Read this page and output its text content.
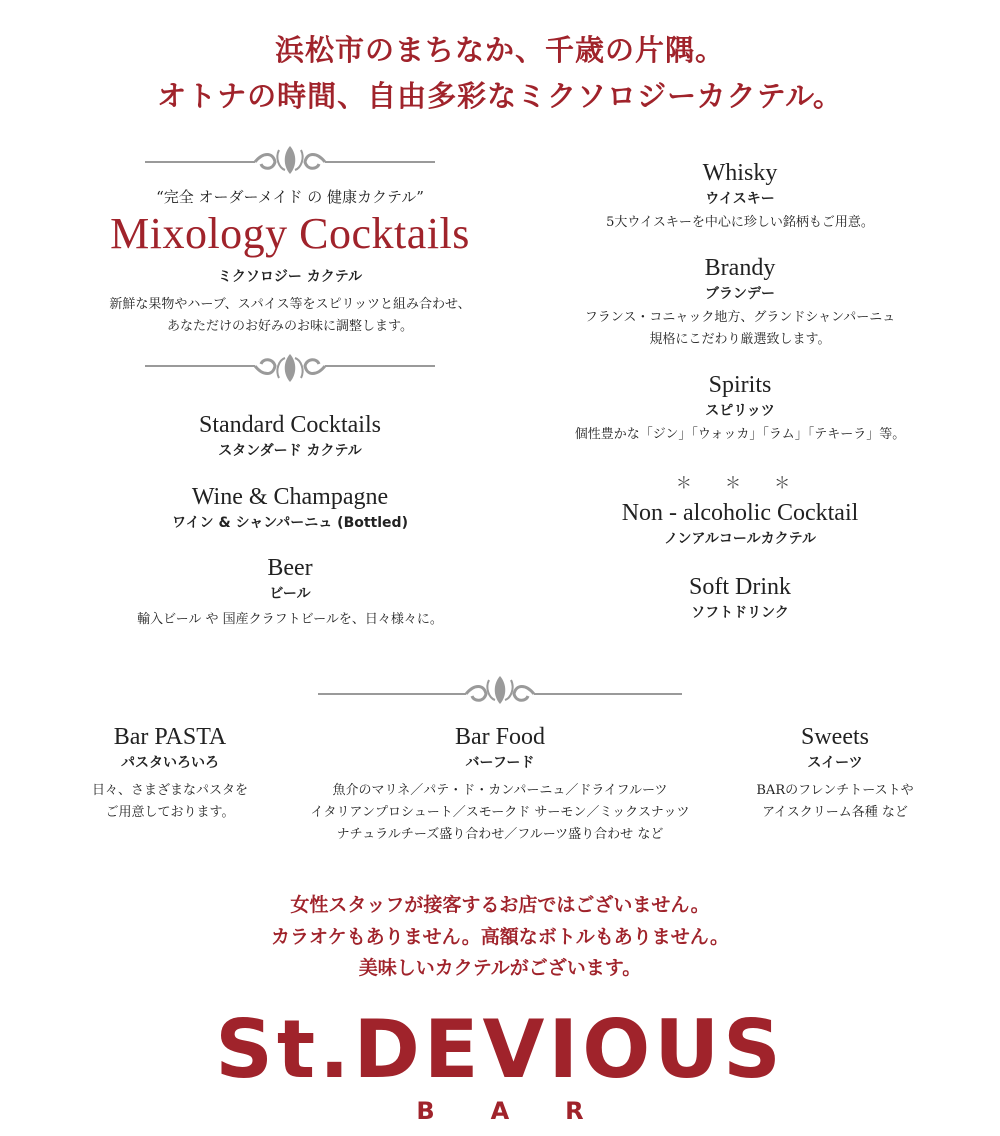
浜松市のまちなか、千歳の片隅。
オトナの時間、自由多彩なミクソロジーカクテル。
“完全 オーダーメイド の 健康カクテル”
Mixology Cocktails
ミクソロジー カクテル
新鮮な果物やハーブ、スパイス等をスピリッツと組み合わせ、
あなただけのお好みのお味に調整します。
Standard Cocktails
スタンダード カクテル
Wine & Champagne
ワイン & シャンパーニュ (Bottled)
Beer
ビール
輸入ビール や 国産クラフトビールを、日々様々に。
Whisky
ウイスキー
5大ウイスキーを中心に珍しい銘柄もご用意。
Brandy
ブランデー
フランス・コニャック地方、グランドシャンパーニュ
規格にこだわり厳選致します。
Spirits
スピリッツ
個性豊かな「ジン」「ウォッカ」「ラム」「テキーラ」等。
＊ ＊ ＊
Non - alcoholic Cocktail
ノンアルコールカクテル
Soft Drink
ソフトドリンク
Bar PASTA
パスタいろいろ
日々、さまざまなパスタを
ご用意しております。
Bar Food
バーフード
魚介のマリネ／パテ・ド・カンパーニュ／ドライフルーツ
イタリアンプロシュート／スモークド サーモン／ミックスナッツ
ナチュラルチーズ盛り合わせ／フルーツ盛り合わせ など
Sweets
スイーツ
BARのフレンチトーストや
アイスクリーム各種 など
女性スタッフが接客するお店ではございません。
カラオケもありません。高額なボトルもありません。
美味しいカクテルがございます。
St.DEVIOUS
BAR
